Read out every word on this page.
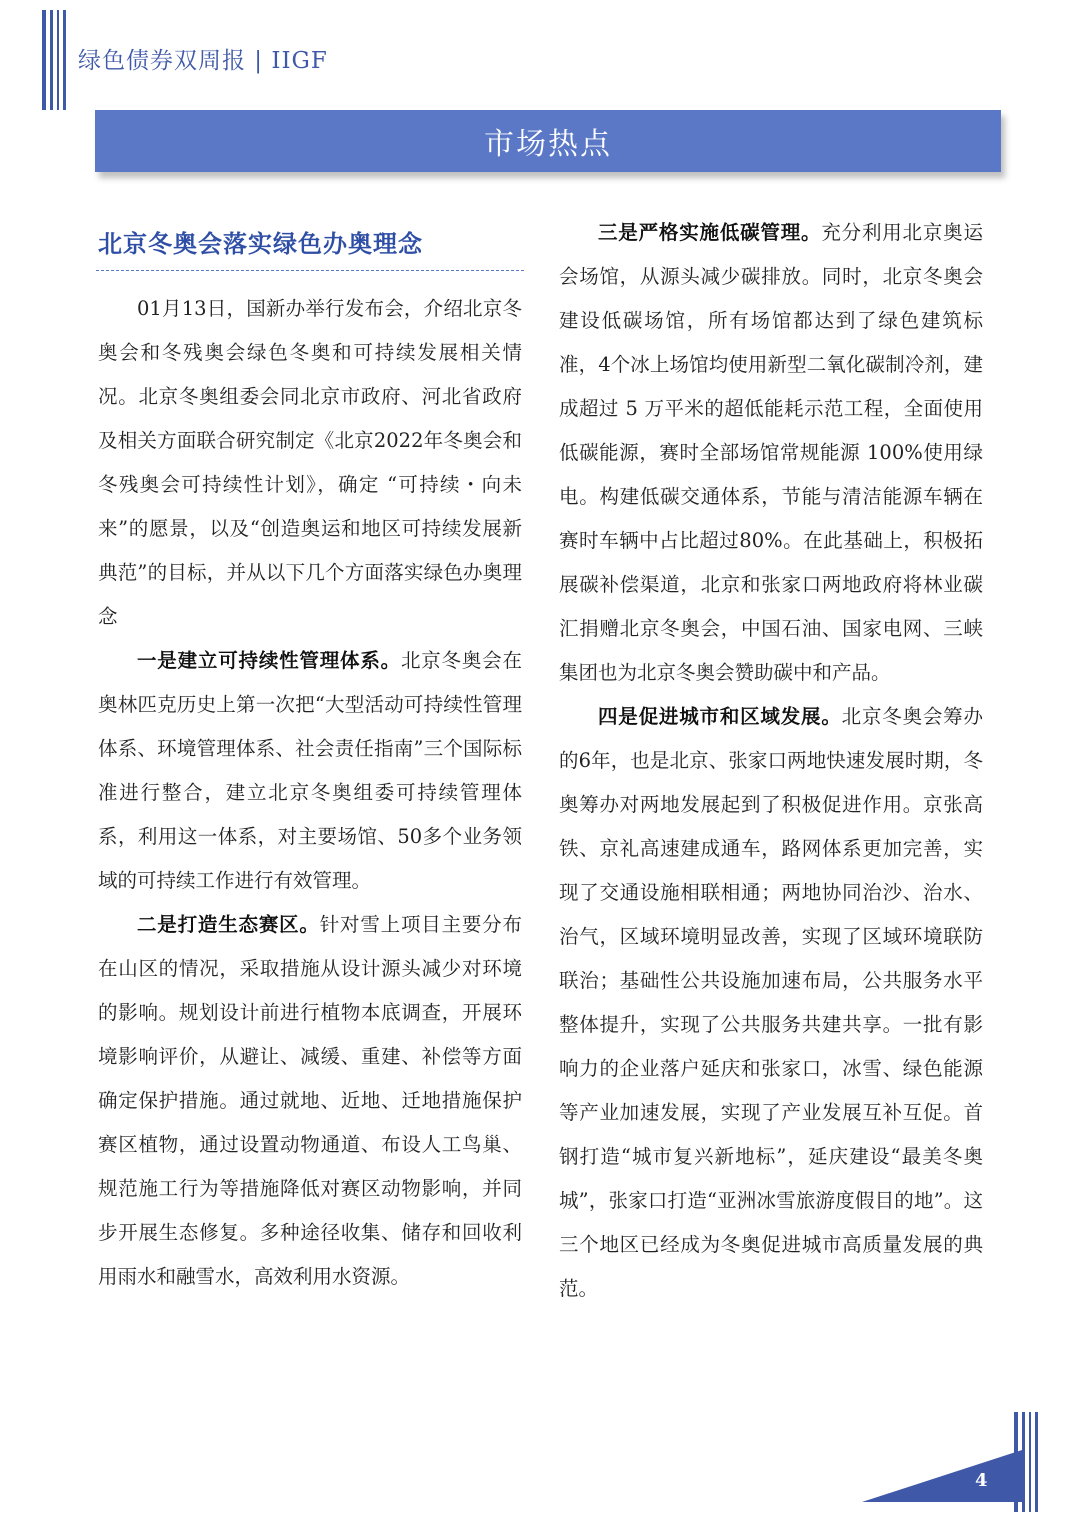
绿色债券双周报 | IIGF
市场热点
北京冬奥会落实绿色办奥理念

01月13日，国新办举行发布会，介绍北京冬奥会和冬残奥会绿色冬奥和可持续发展相关情况。北京冬奥组委会同北京市政府、河北省政府及相关方面联合研究制定《北京2022年冬奥会和冬残奥会可持续性计划》，确定 “可持续・向未来”的愿景，以及“创造奥运和地区可持续发展新典范”的目标，并从以下几个方面落实绿色办奥理念

一是建立可持续性管理体系。北京冬奥会在奥林匹克历史上第一次把“大型活动可持续性管理体系、环境管理体系、社会责任指南”三个国际标准进行整合，建立北京冬奥组委可持续管理体系，利用这一体系，对主要场馆、50多个业务领域的可持续工作进行有效管理。

二是打造生态赛区。针对雪上项目主要分布在山区的情况，采取措施从设计源头减少对环境的影响。规划设计前进行植物本底调查，开展环境影响评价，从避让、减缓、重建、补偿等方面确定保护措施。通过就地、近地、迁地措施保护赛区植物，通过设置动物通道、布设人工鸟巢、规范施工行为等措施降低对赛区动物影响，并同步开展生态修复。多种途径收集、储存和回收利用雨水和融雪水，高效利用水资源。

三是严格实施低碳管理。充分利用北京奥运会场馆，从源头减少碳排放。同时，北京冬奥会建设低碳场馆，所有场馆都达到了绿色建筑标准，4个冰上场馆均使用新型二氧化碳制冷剂，建成超过 5 万平米的超低能耗示范工程，全面使用低碳能源，赛时全部场馆常规能源 100%使用绿电。构建低碳交通体系，节能与清洁能源车辆在赛时车辆中占比超过80%。在此基础上，积极拓展碳补偿渠道，北京和张家口两地政府将林业碳汇捐赠北京冬奥会，中国石油、国家电网、三峡集团也为北京冬奥会赞助碳中和产品。

四是促进城市和区域发展。北京冬奥会筹办的6年，也是北京、张家口两地快速发展时期，冬奥筹办对两地发展起到了积极促进作用。京张高铁、京礼高速建成通车，路网体系更加完善，实现了交通设施相联相通；两地协同治沙、治水、治气，区域环境明显改善，实现了区域环境联防联治；基础性公共设施加速布局，公共服务水平整体提升，实现了公共服务共建共享。一批有影响力的企业落户延庆和张家口，冰雪、绿色能源等产业加速发展，实现了产业发展互补互促。首钢打造“城市复兴新地标”，延庆建设“最美冬奥城”，张家口打造“亚洲冰雪旅游度假目的地”。这三个地区已经成为冬奥促进城市高质量发展的典范。

4
